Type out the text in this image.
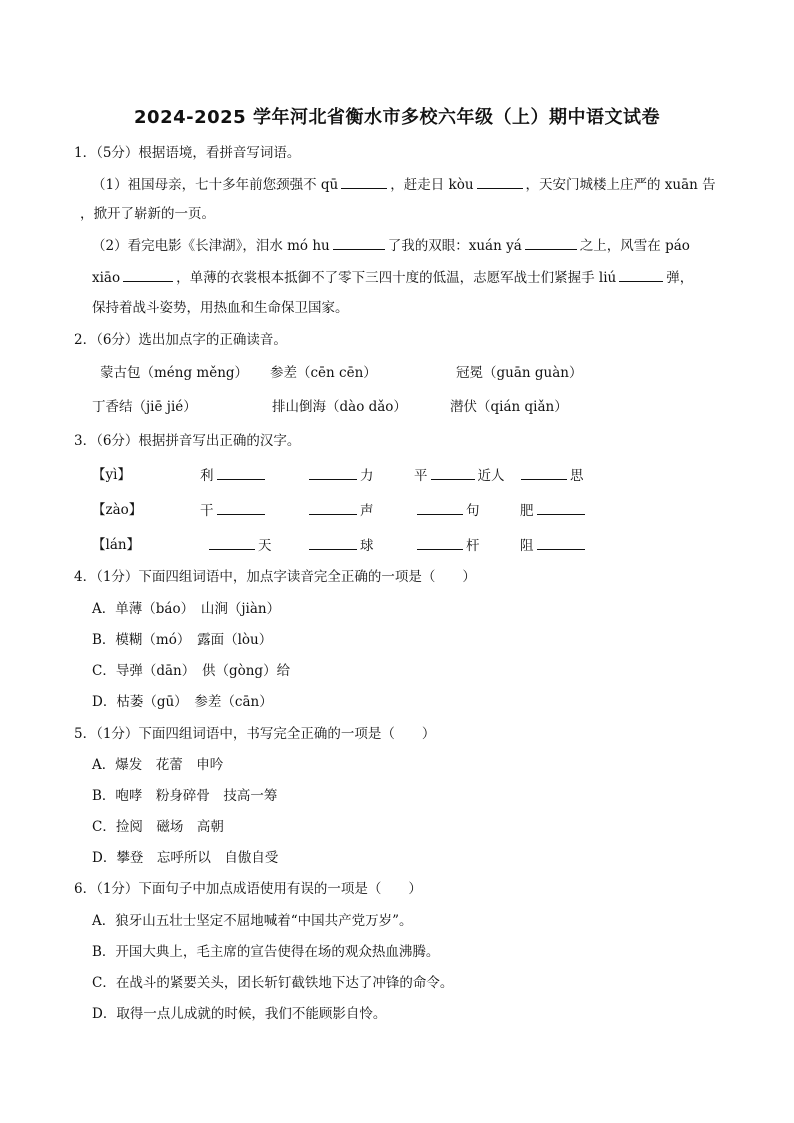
2024-2025 学年河北省衡水市多校六年级（上）期中语文试卷
1．（5分）根据语境，看拼音写词语。
（1）祖国母亲，七十多年前您颈强不 qū	，赶走日 kòu	，天安门城楼上庄严的 xuān 告
，掀开了崭新的一页。
（2）看完电影《长津湖》，泪水 mó hu	了我的双眼：xuán yá	之上，风雪在 páo
xiāo	，单薄的衣裳根本抵御不了零下三四十度的低温，志愿军战士们紧握手 liú	弹，
保持着战斗姿势，用热血和生命保卫国家。
2．（6分）选出加点字的正确读音。
蒙古包（méng měng） 参差（cēn cēn）	冠冕（guān guàn）
丁香结（jiē jié）	排山倒海（dào dǎo）	潜伏（qián qiǎn）
3．（6分）根据拼音写出正确的汉字。
【yì】	利	力	平	近人	思
【zào】	干	声	句	肥
【lán】	天	球	杆	阻
4．（1分）下面四组词语中，加点字读音完全正确的一项是（　　）
A．单薄（báo）　山涧（jiàn）
B．模糊（mó）　露面（lòu）
C．导弹（dān）　供（gòng）给
D．枯萎（gū）　参差（cān）
5．（1分）下面四组词语中，书写完全正确的一项是（　　）
A．爆发　花蕾　申吟
B．咆哮　粉身碎骨　技高一筹
C．捡阅　磁场　高朝
D．攀登　忘呼所以　自傲自受
6．（1分）下面句子中加点成语使用有误的一项是（　　）
A．狼牙山五壮士坚定不屈地喊着“中国共产党万岁”。
B．开国大典上，毛主席的宣告使得在场的观众热血沸腾。
C．在战斗的紧要关头，团长斩钉截铁地下达了冲锋的命令。
D．取得一点儿成就的时候，我们不能顾影自怜。
